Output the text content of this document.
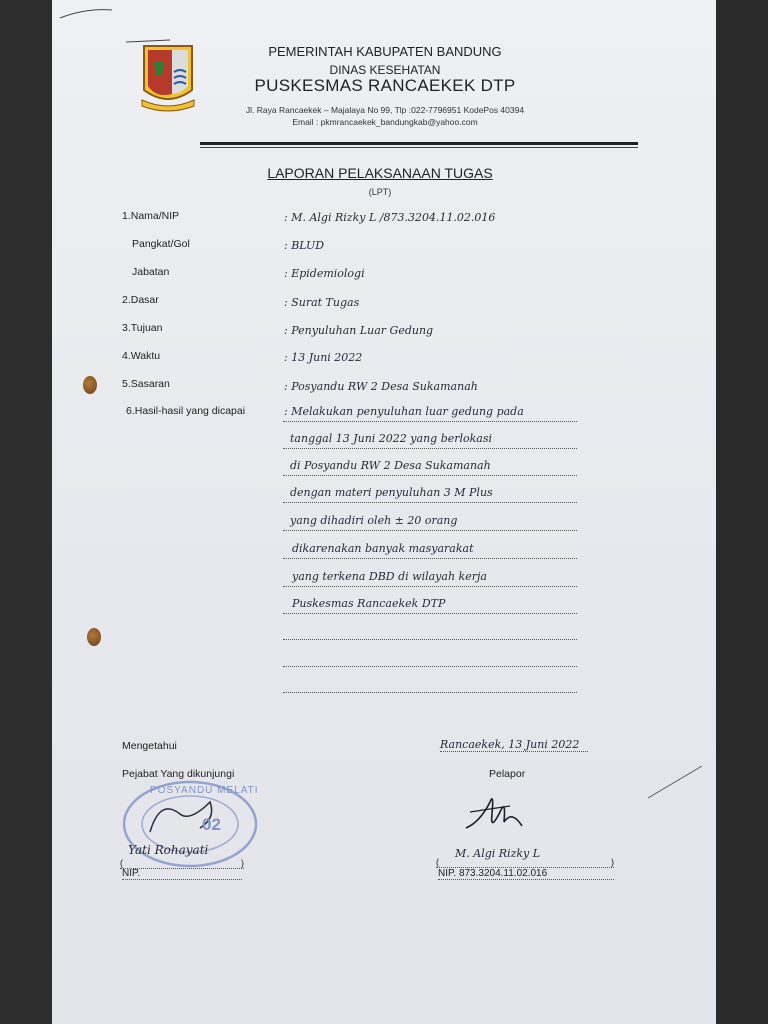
PEMERINTAH KABUPATEN BANDUNG
DINAS KESEHATAN
PUSKESMAS RANCAEKEK DTP
Jl. Raya Rancaekek – Majalaya No 99, Tlp :022-7796951 KodePos 40394
Email : pkmrancaekek_bandungkab@yahoo.com
LAPORAN PELAKSANAAN TUGAS
(LPT)
1.Nama/NIP	: M. Algi Rizky L /873.3204.11.02.016
Pangkat/Gol	: BLUD
Jabatan	: Epidemiologi
2.Dasar	: Surat Tugas
3.Tujuan	: Penyuluhan Luar Gedung
4.Waktu	: 13 Juni 2022
5.Sasaran	: Posyandu RW 2 Desa Sukamanah
6.Hasil-hasil yang dicapai	: Melakukan penyuluhan luar gedung pada
tanggal 13 Juni 2022 yang berlokasi
di Posyandu RW 2 Desa Sukamanah
dengan materi penyuluhan 3 M Plus
yang dihadiri oleh ± 20 orang
dikarenakan banyak masyarakat
yang terkena DBD di wilayah kerja
Puskesmas Rancaekek DTP
Mengetahui
Pejabat Yang dikunjungi
Rancaekek, 13 Juni 2022
Pelapor
POSYANDU MELATI
02
Yati Rohayati
(	)
NIP.
M. Algi Rizky L
(	)
NIP. 873.3204.11.02.016
